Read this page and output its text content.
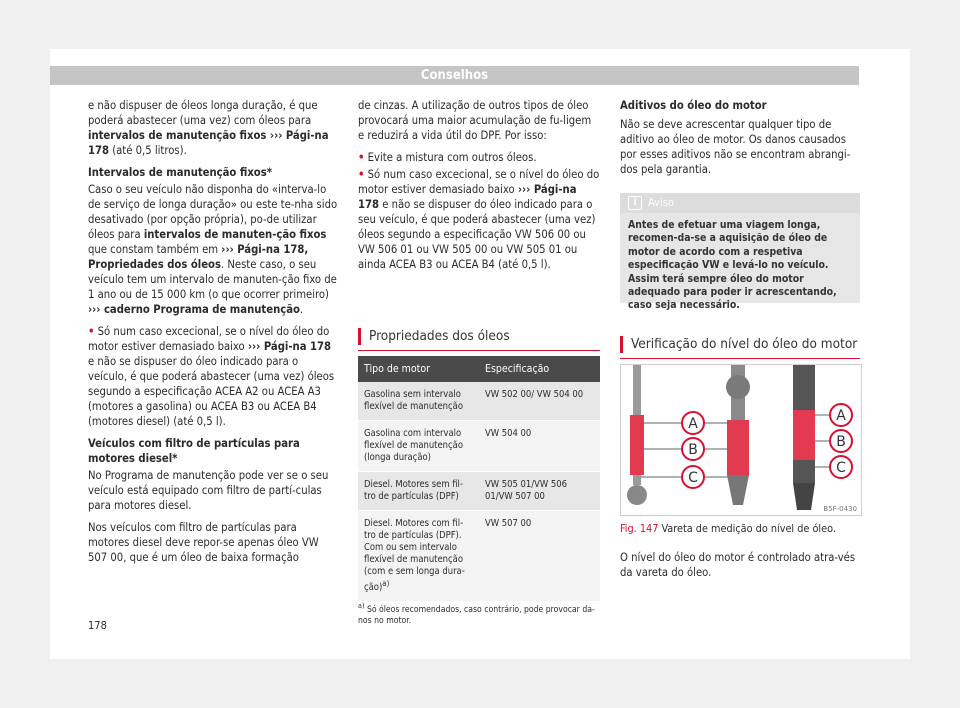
Conselhos

e não dispuser de óleos longa duração, é que poderá abastecer (uma vez) com óleos para intervalos de manutenção fixos ››› Pági-na 178 (até 0,5 litros).

Intervalos de manutenção fixos*

Caso o seu veículo não disponha do «interva-lo de serviço de longa duração» ou este te-nha sido desativado (por opção própria), po-de utilizar óleos para intervalos de manuten-ção fixos que constam também em ››› Pági-na 178, Propriedades dos óleos. Neste caso, o seu veículo tem um intervalo de manuten-ção fixo de 1 ano ou de 15 000 km (o que ocorrer primeiro) ››› caderno Programa de manutenção.

• Só num caso excecional, se o nível do óleo do motor estiver demasiado baixo ››› Pági-na 178 e não se dispuser do óleo indicado para o veículo, é que poderá abastecer (uma vez) óleos segundo a especificação ACEA A2 ou ACEA A3 (motores a gasolina) ou ACEA B3 ou ACEA B4 (motores diesel) (até 0,5 l).

Veículos com filtro de partículas para motores diesel*

No Programa de manutenção pode ver se o seu veículo está equipado com filtro de partí-culas para motores diesel.

Nos veículos com filtro de partículas para motores diesel deve repor-se apenas óleo VW 507 00, que é um óleo de baixa formação

de cinzas. A utilização de outros tipos de óleo provocará uma maior acumulação de fu-ligem e reduzirá a vida útil do DPF. Por isso:

• Evite a mistura com outros óleos.

• Só num caso excecional, se o nível do óleo do motor estiver demasiado baixo ››› Pági-na 178 e não se dispuser do óleo indicado para o seu veículo, é que poderá abastecer (uma vez) óleos segundo a especificação VW 506 00 ou VW 506 01 ou VW 505 00 ou VW 505 01 ou ainda ACEA B3 ou ACEA B4 (até 0,5 l).

Propriedades dos óleos

Tipo de motor	Especificação
Gasolina sem intervalo flexível de manutenção	VW 502 00/ VW 504 00
Gasolina com intervalo flexível de manutenção (longa duração)	VW 504 00
Diesel. Motores sem fil-tro de partículas (DPF)	VW 505 01/VW 506 01/VW 507 00
Diesel. Motores com fil-tro de partículas (DPF). Com ou sem intervalo flexível de manutenção (com e sem longa dura-ção)$^{a)}$	VW 507 00
$^{a)}$ Só óleos recomendados, caso contrário, pode provocar da-nos no motor.

Aditivos do óleo do motor

Não se deve acrescentar qualquer tipo de aditivo ao óleo de motor. Os danos causados por esses aditivos não se encontram abrangi-dos pela garantia.

i	Aviso
Antes de efetuar uma viagem longa, recomen-da-se a aquisição de óleo de motor de acordo com a respetiva especificação VW e levá-lo no veículo. Assim terá sempre óleo do motor adequado para poder ir acrescentando, caso seja necessário.

Verificação do nível do óleo do motor

A
B
C
A
B
C
B5F-0430
Fig. 147 Vareta de medição do nível de óleo.

O nível do óleo do motor é controlado atra-vés da vareta do óleo.

178
